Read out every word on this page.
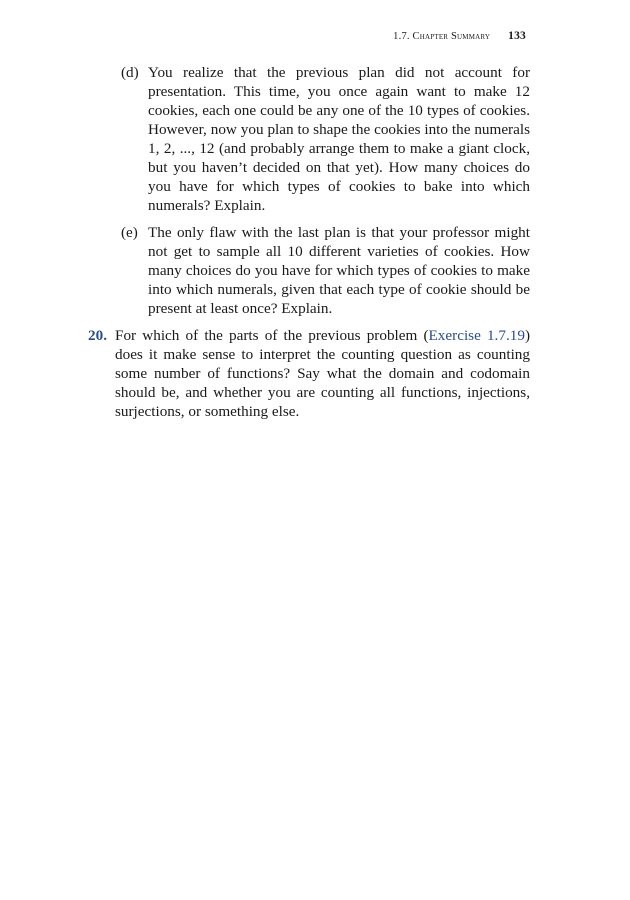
1.7. Chapter Summary 133
(d) You realize that the previous plan did not account for presentation. This time, you once again want to make 12 cookies, each one could be any one of the 10 types of cookies. However, now you plan to shape the cookies into the numerals 1, 2, ..., 12 (and probably arrange them to make a giant clock, but you haven’t decided on that yet). How many choices do you have for which types of cookies to bake into which numerals? Explain.
(e) The only flaw with the last plan is that your professor might not get to sample all 10 different varieties of cookies. How many choices do you have for which types of cookies to make into which numerals, given that each type of cookie should be present at least once? Explain.
20. For which of the parts of the previous problem (Exercise 1.7.19) does it make sense to interpret the counting question as counting some number of functions? Say what the domain and codomain should be, and whether you are counting all functions, injections, surjections, or something else.
